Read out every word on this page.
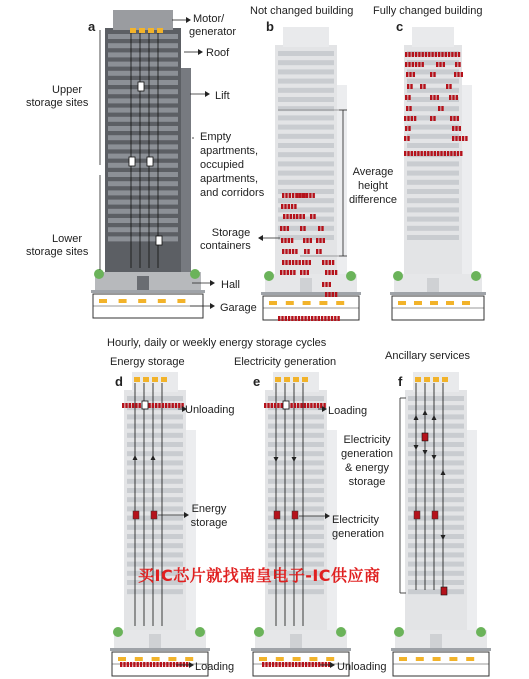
a	b	c
d	e	f
Motor/
generator
Roof
Upper
storage sites
Lift
Empty
apartments,
occupied
apartments,
and corridors
Lower
storage sites
Hall
Garage
Not changed building
Average
height
difference
Storage
containers
Fully changed building
Hourly, daily or weekly energy storage cycles
Energy storage	Electricity generation	Ancillary services
Unloading
Energy
storage
Loading
Loading
Electricity
generation
Unloading
Electricity
generation
& energy
storage
买IC芯片就找南皇电子-IC供应商
